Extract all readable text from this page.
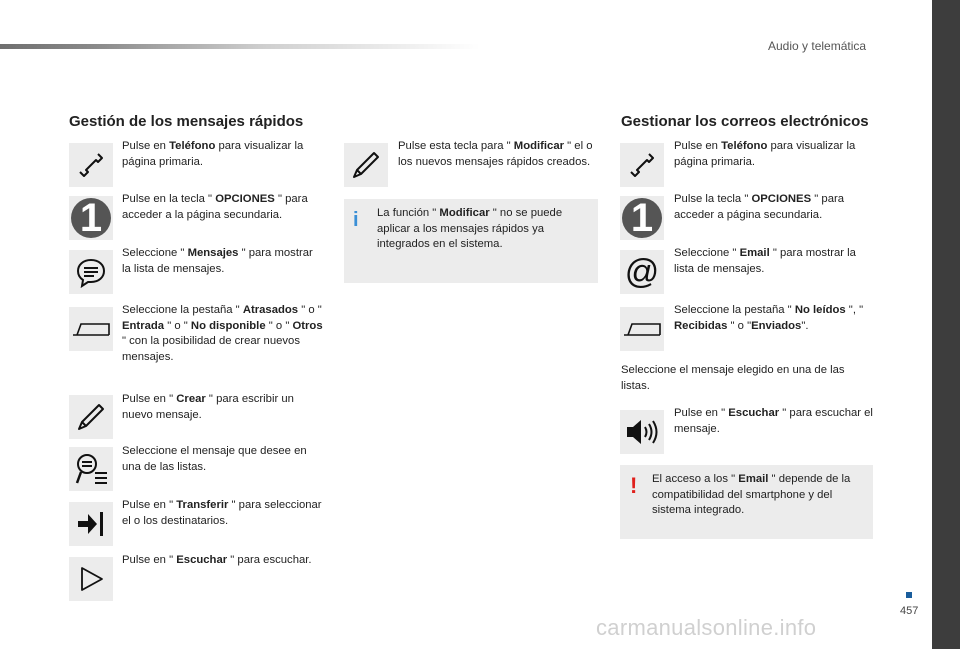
Audio y telemática
Gestión de los mensajes rápidos
Pulse en Teléfono para visualizar la página primaria.
1 Pulse en la tecla " OPCIONES " para acceder a la página secundaria.
Seleccione " Mensajes " para mostrar la lista de mensajes.
Seleccione la pestaña " Atrasados " o " Entrada " o " No disponible " o " Otros " con la posibilidad de crear nuevos mensajes.
Pulse en " Crear " para escribir un nuevo mensaje.
Seleccione el mensaje que desee en una de las listas.
Pulse en " Transferir " para seleccionar el o los destinatarios.
Pulse en " Escuchar " para escuchar.
Pulse esta tecla para " Modificar " el o los nuevos mensajes rápidos creados.
i La función " Modificar " no se puede aplicar a los mensajes rápidos ya integrados en el sistema.
Gestionar los correos electrónicos
Pulse en Teléfono para visualizar la página primaria.
1 Pulse la tecla " OPCIONES " para acceder a página secundaria.
@ Seleccione " Email " para mostrar la lista de mensajes.
Seleccione la pestaña " No leídos ", " Recibidas " o "Enviados".
Seleccione el mensaje elegido en una de las listas.
Pulse en " Escuchar " para escuchar el mensaje.
! El acceso a los " Email " depende de la compatibilidad del smartphone y del sistema integrado.
457
carmanualsonline.info
